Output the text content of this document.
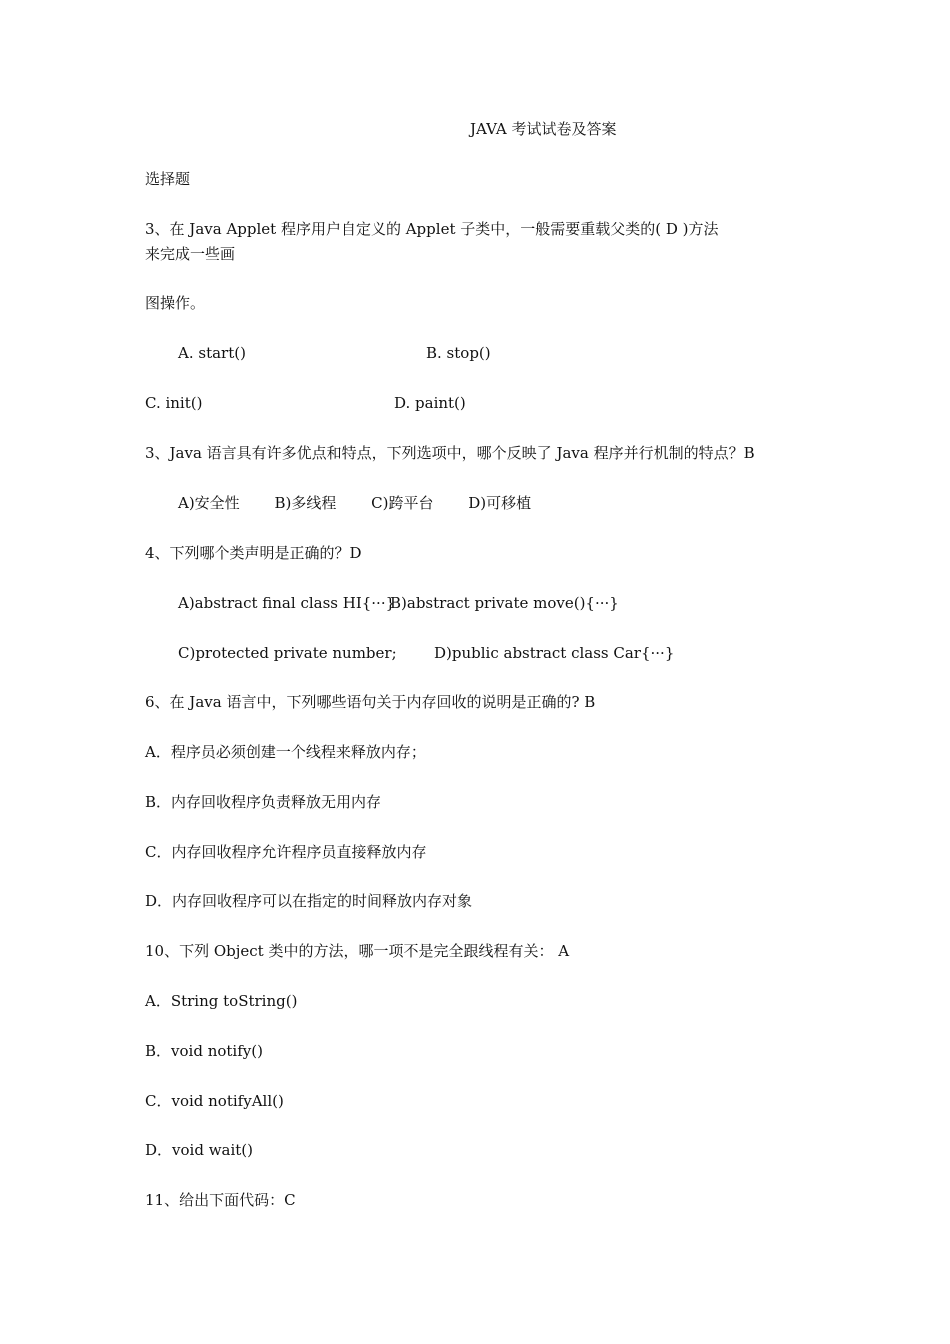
JAVA 考试试卷及答案
选择题
3、在 Java Applet 程序用户自定义的 Applet 子类中，一般需要重载父类的( D )方法
来完成一些画
图操作。
A. start()	B. stop()
C. init()	D. paint()
3、Java 语言具有许多优点和特点，下列选项中，哪个反映了 Java 程序并行机制的特点？B
A)安全性 B)多线程 C)跨平台 D)可移植
4、下列哪个类声明是正确的？D
A)abstract final class HI{···}
B)abstract private move(){···}
C)protected private number; D)public abstract class Car{···}
6、在 Java 语言中，下列哪些语句关于内存回收的说明是正确的? B
A．程序员必须创建一个线程来释放内存；
B．内存回收程序负责释放无用内存
C．内存回收程序允许程序员直接释放内存
D．内存回收程序可以在指定的时间释放内存对象
10、下列 Object 类中的方法，哪一项不是完全跟线程有关： A
A．String toString()
B．void notify()
C．void notifyAll()
D．void wait()
11、给出下面代码：C
